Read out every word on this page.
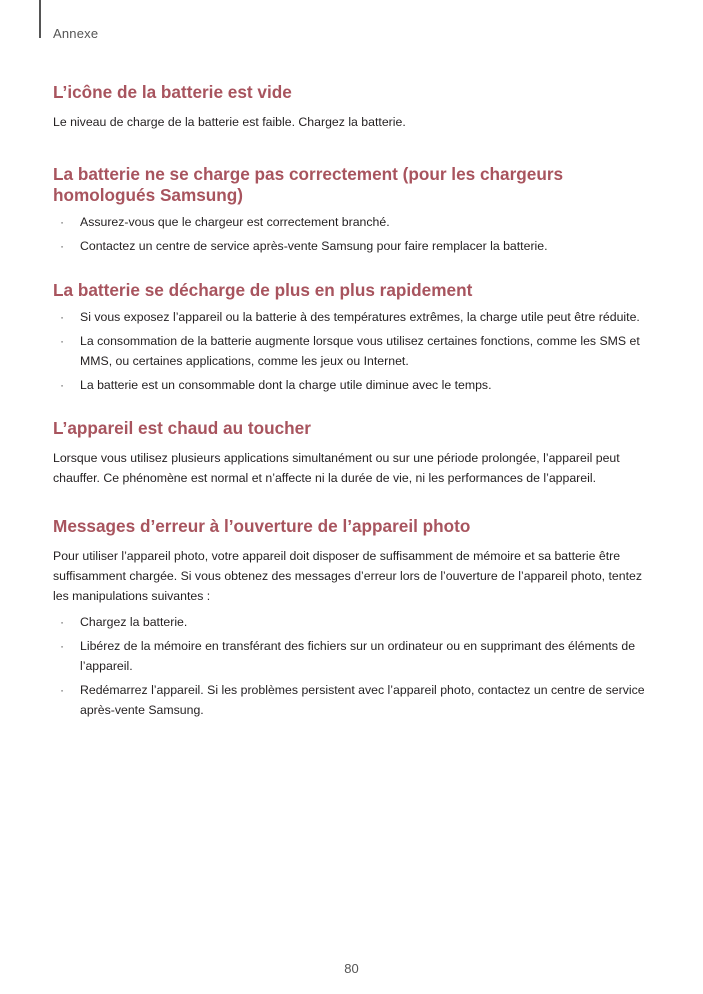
Annexe
L’icône de la batterie est vide

Le niveau de charge de la batterie est faible. Chargez la batterie.

La batterie ne se charge pas correctement (pour les chargeurs homologués Samsung)
· Assurez-vous que le chargeur est correctement branché.
· Contactez un centre de service après-vente Samsung pour faire remplacer la batterie.
La batterie se décharge de plus en plus rapidement
· Si vous exposez l’appareil ou la batterie à des températures extrêmes, la charge utile peut être réduite.
· La consommation de la batterie augmente lorsque vous utilisez certaines fonctions, comme les SMS et MMS, ou certaines applications, comme les jeux ou Internet.
· La batterie est un consommable dont la charge utile diminue avec le temps.
L’appareil est chaud au toucher

Lorsque vous utilisez plusieurs applications simultanément ou sur une période prolongée, l’appareil peut chauffer. Ce phénomène est normal et n’affecte ni la durée de vie, ni les performances de l’appareil.

Messages d’erreur à l’ouverture de l’appareil photo

Pour utiliser l’appareil photo, votre appareil doit disposer de suffisamment de mémoire et sa batterie être suffisamment chargée. Si vous obtenez des messages d’erreur lors de l’ouverture de l’appareil photo, tentez les manipulations suivantes :

· Chargez la batterie.
· Libérez de la mémoire en transférant des fichiers sur un ordinateur ou en supprimant des éléments de l’appareil.
· Redémarrez l’appareil. Si les problèmes persistent avec l’appareil photo, contactez un centre de service après-vente Samsung.
80
